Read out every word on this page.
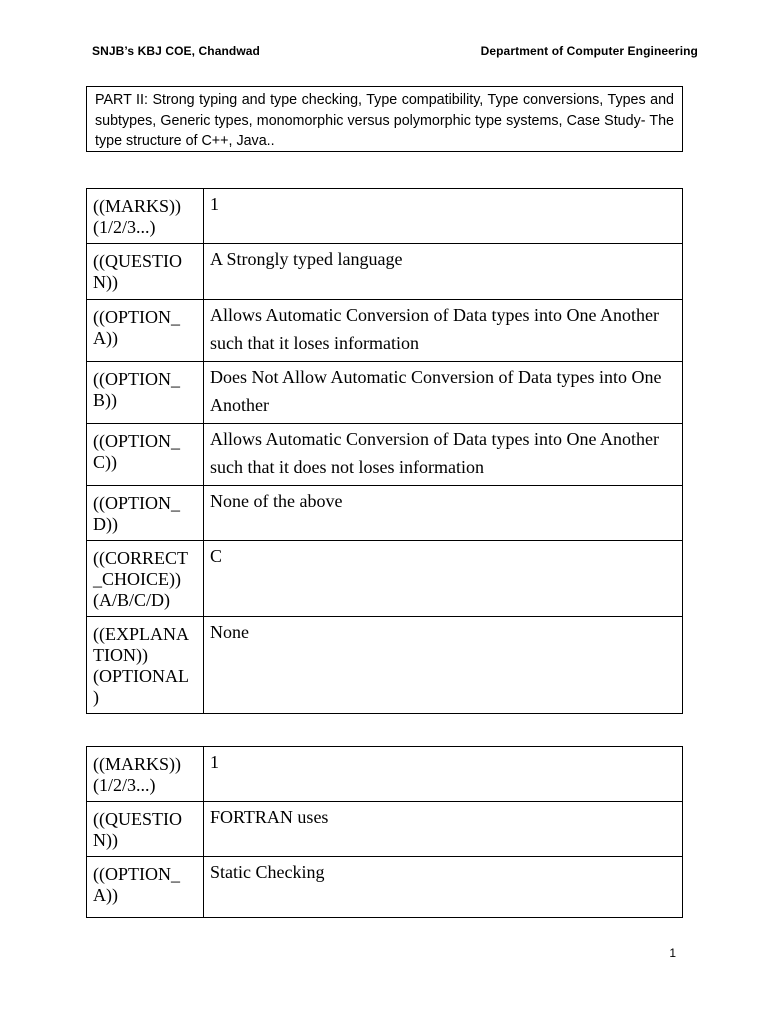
SNJB’s KBJ COE, Chandwad	Department of Computer Engineering
PART II: Strong typing and type checking, Type compatibility, Type conversions, Types and subtypes, Generic types, monomorphic versus polymorphic type systems, Case Study- The type structure of C++, Java..
((MARKS))
(1/2/3...)	1
((QUESTIO
N))	A Strongly typed language
((OPTION_
A))	Allows Automatic Conversion of Data types into One Another such that it loses information
((OPTION_
B))	Does Not Allow Automatic Conversion of Data types into One Another
((OPTION_
C))	Allows Automatic Conversion of Data types into One Another such that it does not loses information
((OPTION_
D))	None of the above
((CORRECT
_CHOICE))
(A/B/C/D)	C
((EXPLANA
TION))
(OPTIONAL
)	None
((MARKS))
(1/2/3...)	1
((QUESTIO
N))	FORTRAN uses
((OPTION_
A))	Static Checking
1
